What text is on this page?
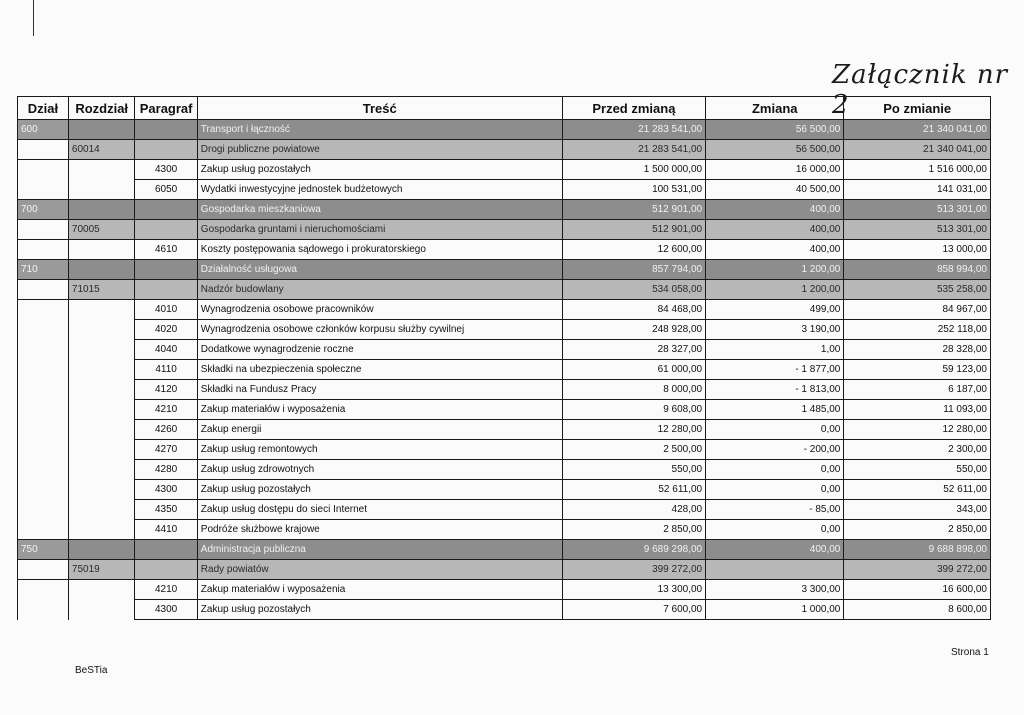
Załącznik nr 2
Dział	Rozdział	Paragraf	Treść	Przed zmianą	Zmiana	Po zmianie
600			Transport i łączność	21 283 541,00	56 500,00	21 340 041,00
	60014		Drogi publiczne powiatowe	21 283 541,00	56 500,00	21 340 041,00
		4300	Zakup usług pozostałych	1 500 000,00	16 000,00	1 516 000,00
		6050	Wydatki inwestycyjne jednostek budżetowych	100 531,00	40 500,00	141 031,00
700			Gospodarka mieszkaniowa	512 901,00	400,00	513 301,00
	70005		Gospodarka gruntami i nieruchomościami	512 901,00	400,00	513 301,00
		4610	Koszty postępowania sądowego i prokuratorskiego	12 600,00	400,00	13 000,00
710			Działalność usługowa	857 794,00	1 200,00	858 994,00
	71015		Nadzór budowlany	534 058,00	1 200,00	535 258,00
		4010	Wynagrodzenia osobowe pracowników	84 468,00	499,00	84 967,00
		4020	Wynagrodzenia osobowe członków korpusu służby cywilnej	248 928,00	3 190,00	252 118,00
		4040	Dodatkowe wynagrodzenie roczne	28 327,00	1,00	28 328,00
		4110	Składki na ubezpieczenia społeczne	61 000,00	- 1 877,00	59 123,00
		4120	Składki na Fundusz Pracy	8 000,00	- 1 813,00	6 187,00
		4210	Zakup materiałów i wyposażenia	9 608,00	1 485,00	11 093,00
		4260	Zakup energii	12 280,00	0,00	12 280,00
		4270	Zakup usług remontowych	2 500,00	- 200,00	2 300,00
		4280	Zakup usług zdrowotnych	550,00	0,00	550,00
		4300	Zakup usług pozostałych	52 611,00	0,00	52 611,00
		4350	Zakup usług dostępu do sieci Internet	428,00	- 85,00	343,00
		4410	Podróże służbowe krajowe	2 850,00	0,00	2 850,00
750			Administracja publiczna	9 689 298,00	400,00	9 688 898,00
	75019		Rady powiatów	399 272,00		399 272,00
		4210	Zakup materiałów i wyposażenia	13 300,00	3 300,00	16 600,00
		4300	Zakup usług pozostałych	7 600,00	1 000,00	8 600,00
Strona 1
BeSTia
